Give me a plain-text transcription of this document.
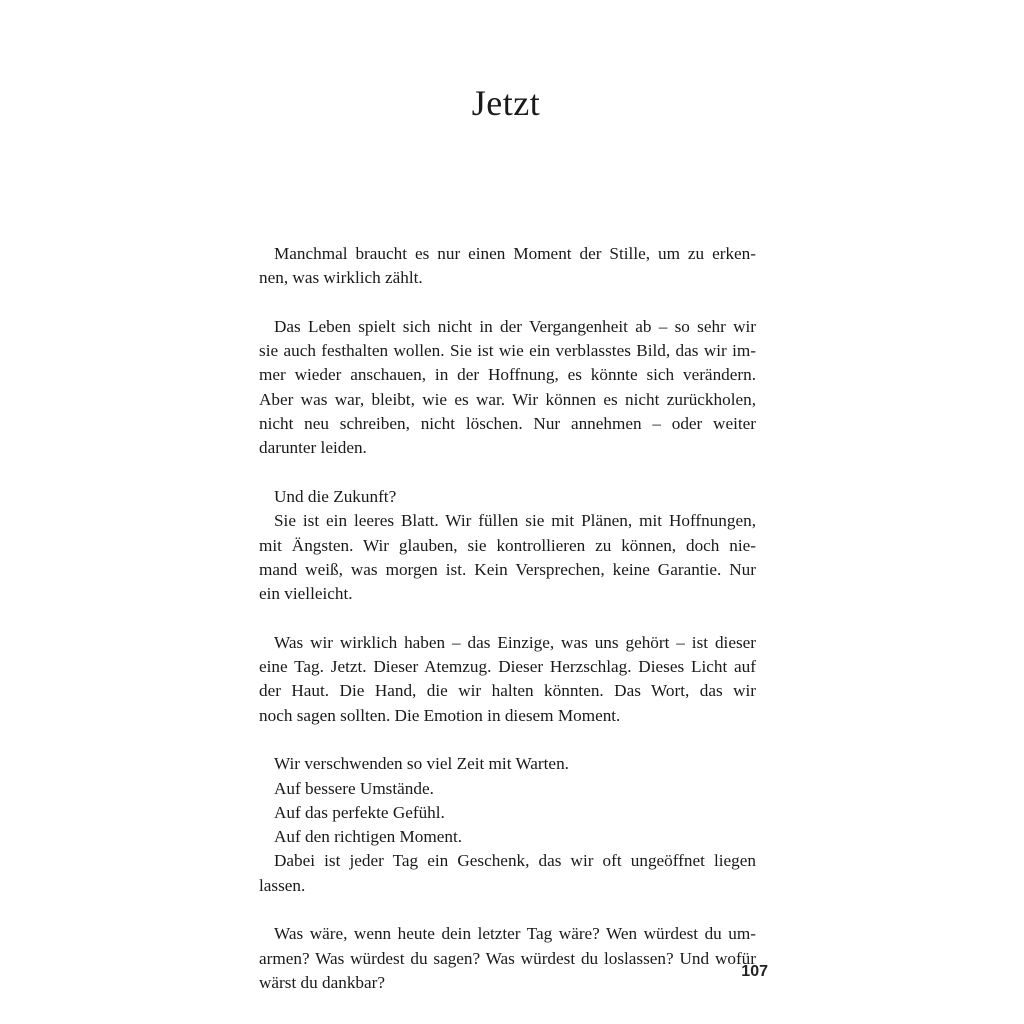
Jetzt
Manchmal braucht es nur einen Moment der Stille, um zu erken-
nen, was wirklich zählt.
Das Leben spielt sich nicht in der Vergangenheit ab – so sehr wir
sie auch festhalten wollen. Sie ist wie ein verblasstes Bild, das wir im-
mer wieder anschauen, in der Hoffnung, es könnte sich verändern.
Aber was war, bleibt, wie es war. Wir können es nicht zurückholen,
nicht neu schreiben, nicht löschen. Nur annehmen – oder weiter
darunter leiden.
Und die Zukunft?
Sie ist ein leeres Blatt. Wir füllen sie mit Plänen, mit Hoffnungen,
mit Ängsten. Wir glauben, sie kontrollieren zu können, doch nie-
mand weiß, was morgen ist. Kein Versprechen, keine Garantie. Nur
ein vielleicht.
Was wir wirklich haben – das Einzige, was uns gehört – ist dieser
eine Tag. Jetzt. Dieser Atemzug. Dieser Herzschlag. Dieses Licht auf
der Haut. Die Hand, die wir halten könnten. Das Wort, das wir
noch sagen sollten. Die Emotion in diesem Moment.
Wir verschwenden so viel Zeit mit Warten.
Auf bessere Umstände.
Auf das perfekte Gefühl.
Auf den richtigen Moment.
Dabei ist jeder Tag ein Geschenk, das wir oft ungeöffnet liegen
lassen.
Was wäre, wenn heute dein letzter Tag wäre? Wen würdest du um-
armen? Was würdest du sagen? Was würdest du loslassen? Und wofür
wärst du dankbar?
107
